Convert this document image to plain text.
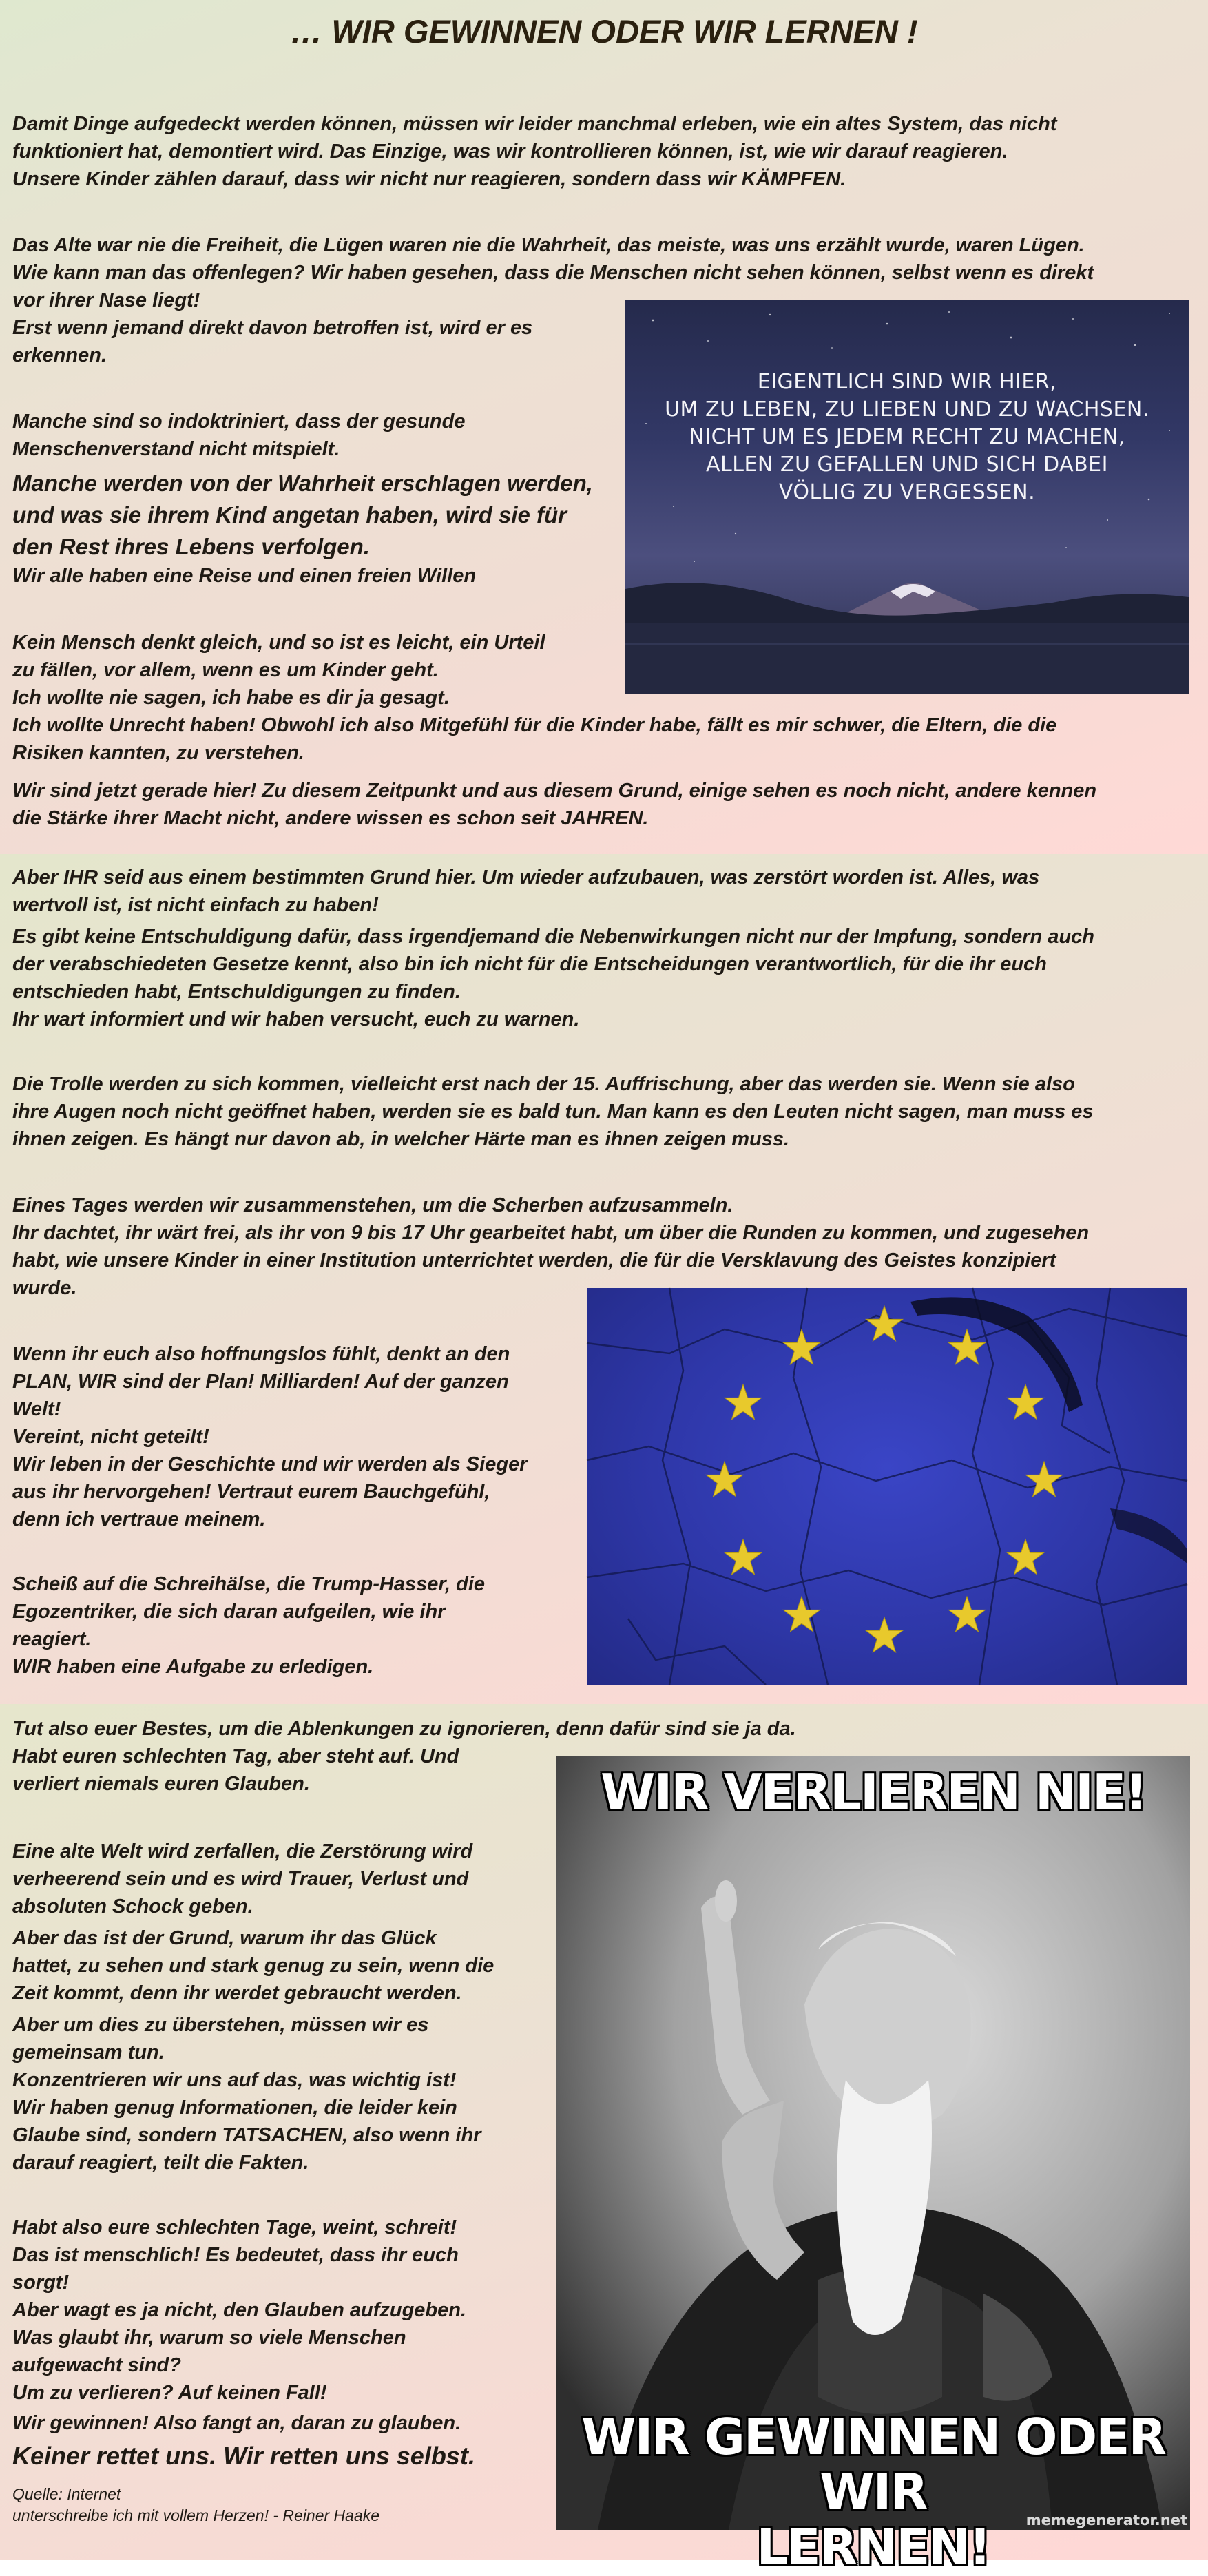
… WIR GEWINNEN ODER WIR LERNEN !

Damit Dinge aufgedeckt werden können, müssen wir leider manchmal erleben, wie ein altes System, das nicht
funktioniert hat, demontiert wird. Das Einzige, was wir kontrollieren können, ist, wie wir darauf reagieren.
Unsere Kinder zählen darauf, dass wir nicht nur reagieren, sondern dass wir KÄMPFEN.

Das Alte war nie die Freiheit, die Lügen waren nie die Wahrheit, das meiste, was uns erzählt wurde, waren Lügen.
Wie kann man das offenlegen? Wir haben gesehen, dass die Menschen nicht sehen können, selbst wenn es direkt
vor ihrer Nase liegt!
Erst wenn jemand direkt davon betroffen ist, wird er es
erkennen.

Manche sind so indoktriniert, dass der gesunde
Menschenverstand nicht mitspielt.

Manche werden von der Wahrheit erschlagen werden,
und was sie ihrem Kind angetan haben, wird sie für
den Rest ihres Lebens verfolgen.

Wir alle haben eine Reise und einen freien Willen

Kein Mensch denkt gleich, und so ist es leicht, ein Urteil
zu fällen, vor allem, wenn es um Kinder geht.
Ich wollte nie sagen, ich habe es dir ja gesagt.
Ich wollte Unrecht haben! Obwohl ich also Mitgefühl für die Kinder habe, fällt es mir schwer, die Eltern, die die
Risiken kannten, zu verstehen.

Wir sind jetzt gerade hier! Zu diesem Zeitpunkt und aus diesem Grund, einige sehen es noch nicht, andere kennen
die Stärke ihrer Macht nicht, andere wissen es schon seit JAHREN.

EIGENTLICH SIND WIR HIER,
UM ZU LEBEN, ZU LIEBEN UND ZU WACHSEN.
NICHT UM ES JEDEM RECHT ZU MACHEN,
ALLEN ZU GEFALLEN UND SICH DABEI
VÖLLIG ZU VERGESSEN.

Aber IHR seid aus einem bestimmten Grund hier. Um wieder aufzubauen, was zerstört worden ist. Alles, was
wertvoll ist, ist nicht einfach zu haben!

Es gibt keine Entschuldigung dafür, dass irgendjemand die Nebenwirkungen nicht nur der Impfung, sondern auch
der verabschiedeten Gesetze kennt, also bin ich nicht für die Entscheidungen verantwortlich, für die ihr euch
entschieden habt, Entschuldigungen zu finden.
Ihr wart informiert und wir haben versucht, euch zu warnen.

Die Trolle werden zu sich kommen, vielleicht erst nach der 15. Auffrischung, aber das werden sie. Wenn sie also
ihre Augen noch nicht geöffnet haben, werden sie es bald tun. Man kann es den Leuten nicht sagen, man muss es
ihnen zeigen. Es hängt nur davon ab, in welcher Härte man es ihnen zeigen muss.

Eines Tages werden wir zusammenstehen, um die Scherben aufzusammeln.
Ihr dachtet, ihr wärt frei, als ihr von 9 bis 17 Uhr gearbeitet habt, um über die Runden zu kommen, und zugesehen
habt, wie unsere Kinder in einer Institution unterrichtet werden, die für die Versklavung des Geistes konzipiert
wurde.

Wenn ihr euch also hoffnungslos fühlt, denkt an den
PLAN, WIR sind der Plan! Milliarden! Auf der ganzen
Welt!
Vereint, nicht geteilt!
Wir leben in der Geschichte und wir werden als Sieger
aus ihr hervorgehen! Vertraut eurem Bauchgefühl,
denn ich vertraue meinem.

Scheiß auf die Schreihälse, die Trump-Hasser, die
Egozentriker, die sich daran aufgeilen, wie ihr
reagiert.
WIR haben eine Aufgabe zu erledigen.

Tut also euer Bestes, um die Ablenkungen zu ignorieren, denn dafür sind sie ja da.

Habt euren schlechten Tag, aber steht auf. Und
verliert niemals euren Glauben.

Eine alte Welt wird zerfallen, die Zerstörung wird
verheerend sein und es wird Trauer, Verlust und
absoluten Schock geben.

Aber das ist der Grund, warum ihr das Glück
hattet, zu sehen und stark genug zu sein, wenn die
Zeit kommt, denn ihr werdet gebraucht werden.

Aber um dies zu überstehen, müssen wir es
gemeinsam tun.
Konzentrieren wir uns auf das, was wichtig ist!
Wir haben genug Informationen, die leider kein
Glaube sind, sondern TATSACHEN, also wenn ihr
darauf reagiert, teilt die Fakten.

Habt also eure schlechten Tage, weint, schreit!
Das ist menschlich! Es bedeutet, dass ihr euch
sorgt!
Aber wagt es ja nicht, den Glauben aufzugeben.
Was glaubt ihr, warum so viele Menschen
aufgewacht sind?
Um zu verlieren? Auf keinen Fall!

Wir gewinnen! Also fangt an, daran zu glauben.

Keiner rettet uns. Wir retten uns selbst.

Quelle: Internet
unterschreibe ich mit vollem Herzen! - Reiner Haake

WIR VERLIEREN NIE!

WIR GEWINNEN ODER WIR
LERNEN!	memegenerator.net
